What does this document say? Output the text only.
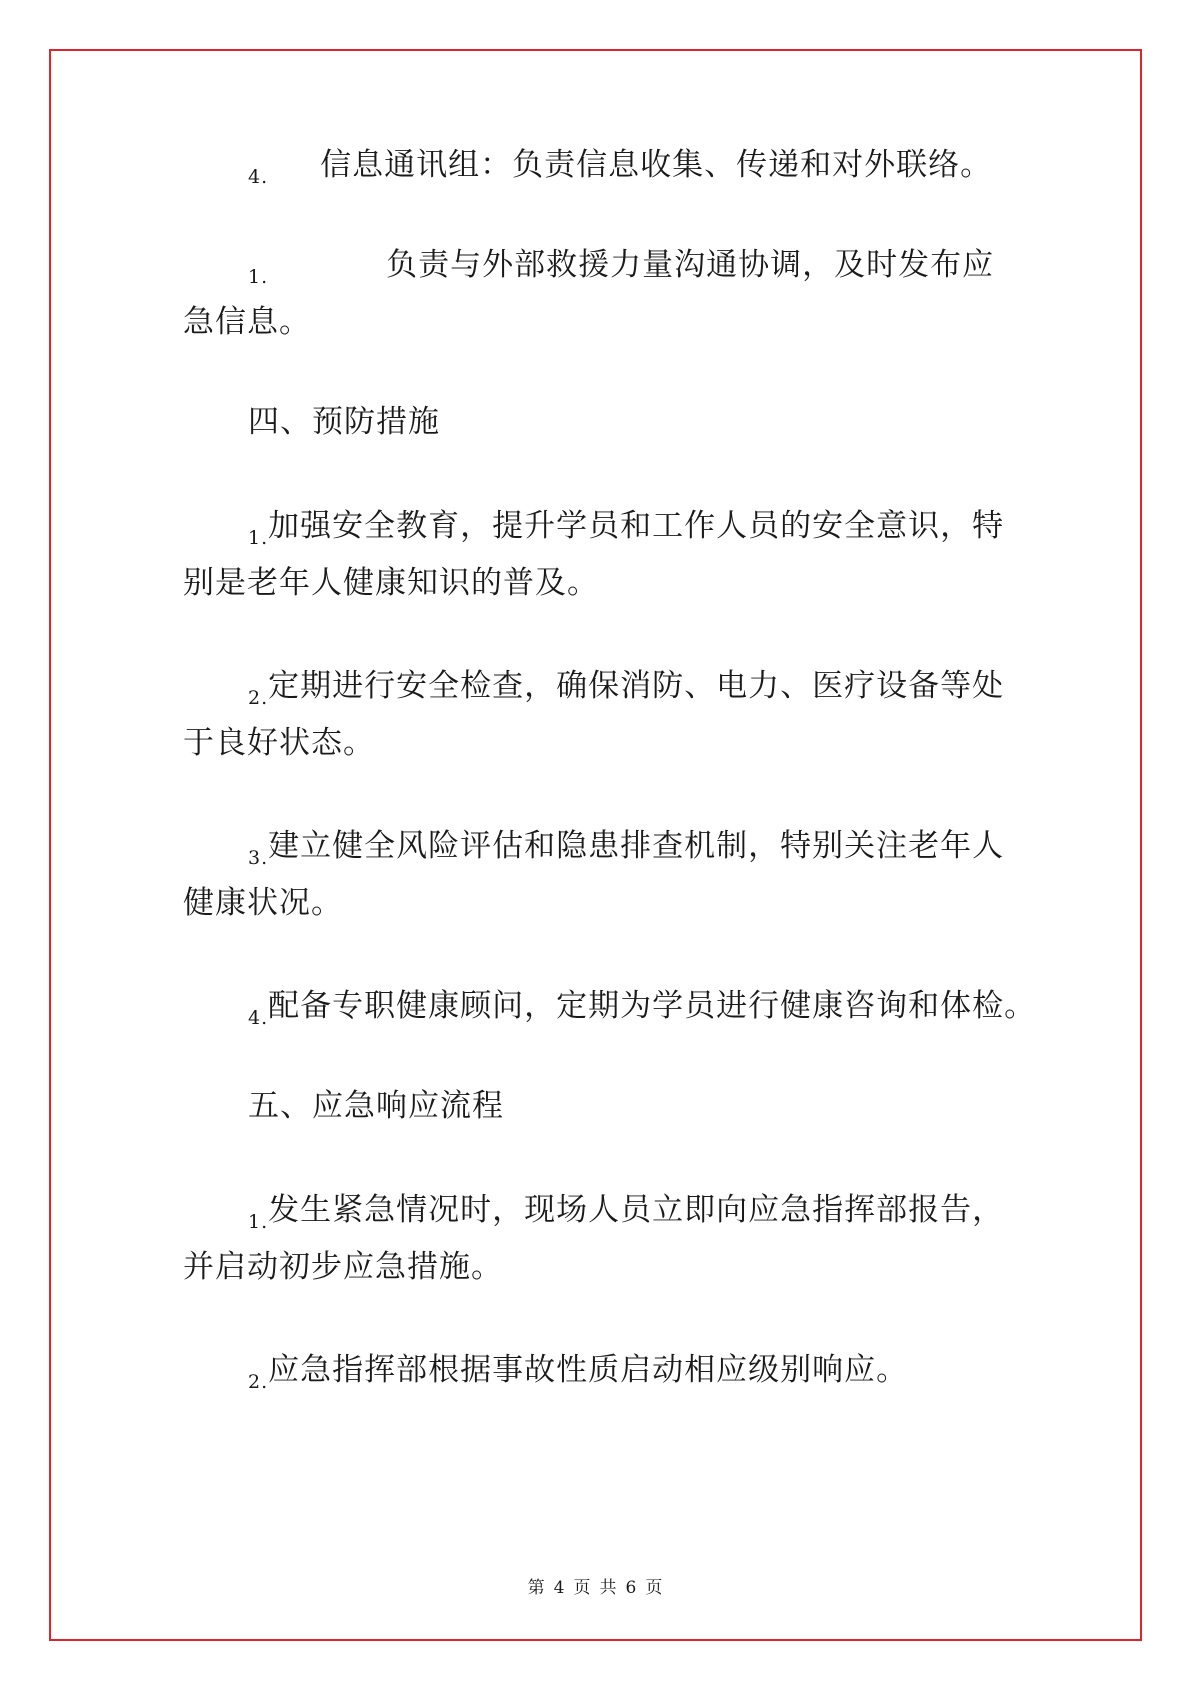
4. 信息通讯组：负责信息收集、传递和对外联络。
1.	负责与外部救援力量沟通协调，及时发布应
急信息。
四、预防措施
1.加强安全教育，提升学员和工作人员的安全意识，特
别是老年人健康知识的普及。
2.定期进行安全检查，确保消防、电力、医疗设备等处
于良好状态。
3.建立健全风险评估和隐患排查机制，特别关注老年人
健康状况。
4.配备专职健康顾问，定期为学员进行健康咨询和体检。
五、应急响应流程
1.发生紧急情况时，现场人员立即向应急指挥部报告，
并启动初步应急措施。
2.应急指挥部根据事故性质启动相应级别响应。
第 4 页 共 6 页
